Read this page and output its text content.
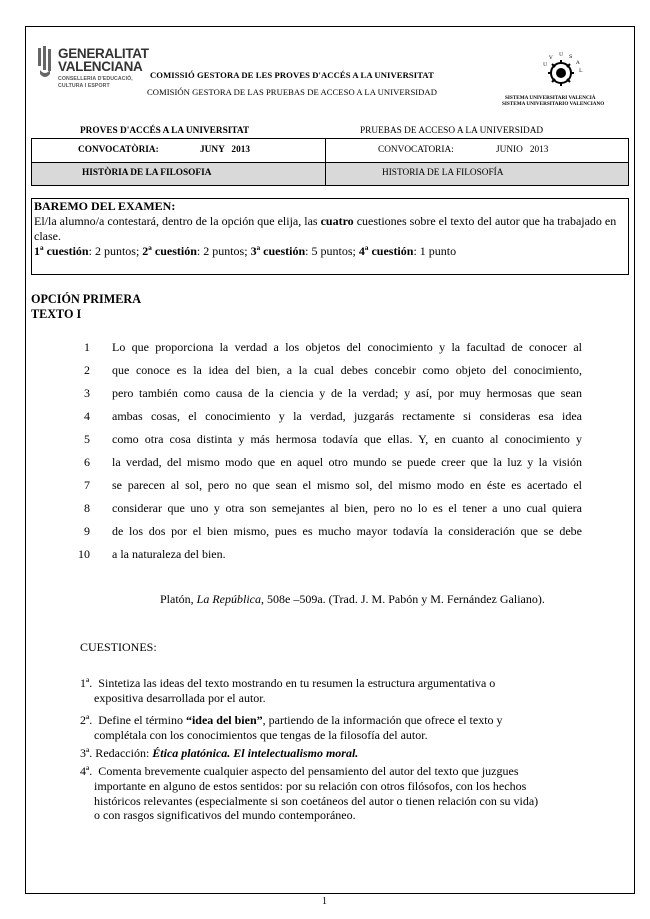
GENERALITAT
VALENCIANA
CONSELLERIA D'EDUCACIÓ,
CULTURA I ESPORT
COMISSIÓ GESTORA DE LES PROVES D'ACCÉS A LA UNIVERSITAT
COMISIÓN GESTORA DE LAS PRUEBAS DE ACCESO A LA UNIVERSIDAD
U
V
U
S
A
L
SISTEMA UNIVERSITARI VALENCIÀ
SISTEMA UNIVERSITARIO VALENCIANO
PROVES D'ACCÉS A LA UNIVERSITAT	PRUEBAS DE ACCESO A LA UNIVERSIDAD
CONVOCATÒRIA:	JUNY   2013	CONVOCATORIA:	JUNIO   2013
HISTÒRIA DE LA FILOSOFIA	HISTORIA DE LA FILOSOFÍA
BAREMO DEL EXAMEN:
El/la alumno/a contestará, dentro de la opción que elija, las cuatro cuestiones sobre el texto del autor que ha trabajado en clase.
1ª cuestión: 2 puntos; 2ª cuestión: 2 puntos; 3ª cuestión: 5 puntos; 4ª cuestión: 1 punto
OPCIÓN PRIMERA
TEXTO I
1 Lo que proporciona la verdad a los objetos del conocimiento y la facultad de conocer al
2 que conoce es la idea del bien, a la cual debes concebir como objeto del conocimiento,
3 pero también como causa de la ciencia y de la verdad; y así, por muy hermosas que sean
4 ambas cosas, el conocimiento y la verdad, juzgarás rectamente si consideras esa idea
5 como otra cosa distinta y más hermosa todavía que ellas. Y, en cuanto al conocimiento y
6 la verdad, del mismo modo que en aquel otro mundo se puede creer que la luz y la visión
7 se parecen al sol, pero no que sean el mismo sol, del mismo modo en éste es acertado el
8 considerar que uno y otra son semejantes al bien, pero no lo es el tener a uno cual quiera
9 de los dos por el bien mismo, pues es mucho mayor todavía la consideración que se debe
10 a la naturaleza del bien.
Platón, La República, 508e –509a. (Trad. J. M. Pabón y M. Fernández Galiano).
CUESTIONES:
1ª.  Sintetiza las ideas del texto mostrando en tu resumen la estructura argumentativa o
expositiva desarrollada por el autor.
2ª.  Define el término “idea del bien”, partiendo de la información que ofrece el texto y
complétala con los conocimientos que tengas de la filosofía del autor.
3ª. Redacción: Ética platónica. El intelectualismo moral.
4ª.  Comenta brevemente cualquier aspecto del pensamiento del autor del texto que juzgues
importante en alguno de estos sentidos: por su relación con otros filósofos, con los hechos
históricos relevantes (especialmente si son coetáneos del autor o tienen relación con su vida)
o con rasgos significativos del mundo contemporáneo.
1
